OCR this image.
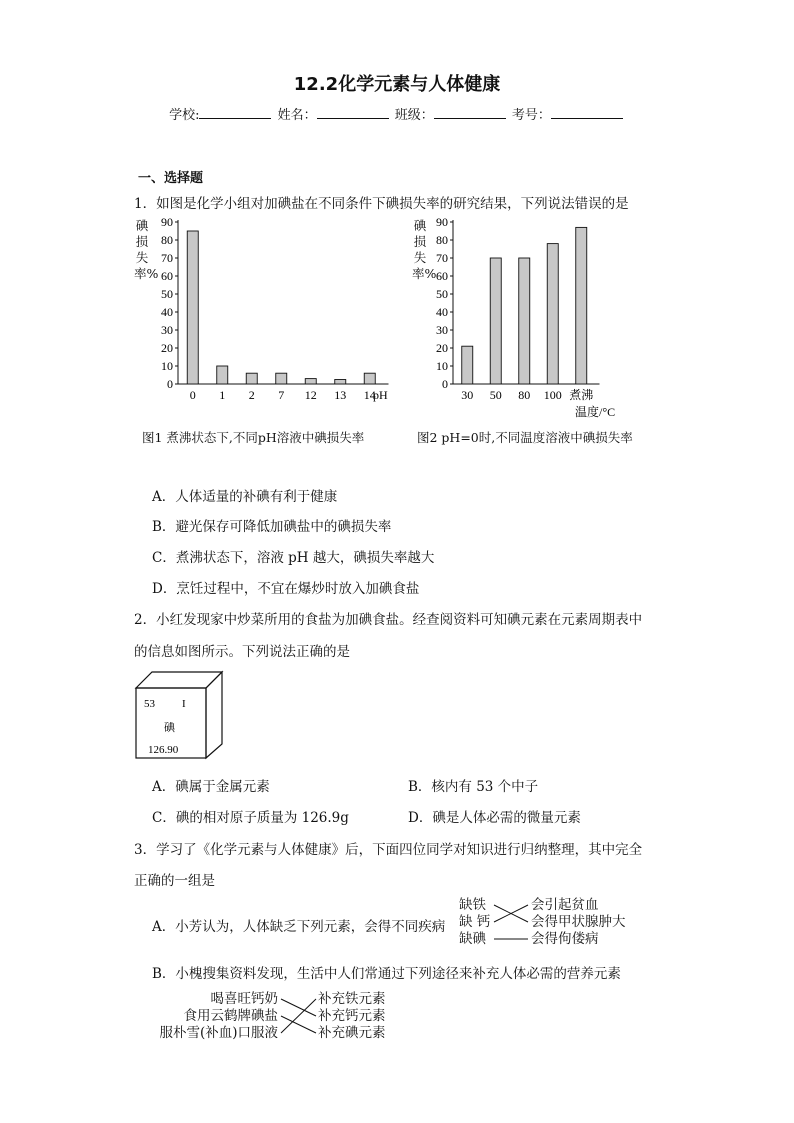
12.2化学元素与人体健康
学校:	姓名：	班级：	考号：
一、选择题
1．如图是化学小组对加碘盐在不同条件下碘损失率的研究结果，下列说法错误的是
碘损失率%
0
10
20
30
40
50
60
70
80
90
0 1 2 7 12 13 14
pH
碘损失率%
0
10
20
30
40
50
60
70
80
90
30 50 80 100 煮沸
温度/°C
图1 煮沸状态下,不同pH溶液中碘损失率	图2 pH=0时,不同温度溶液中碘损失率
A．人体适量的补碘有利于健康
B．避光保存可降低加碘盐中的碘损失率
C．煮沸状态下，溶液 pH 越大，碘损失率越大
D．烹饪过程中，不宜在爆炒时放入加碘食盐
2．小红发现家中炒菜所用的食盐为加碘食盐。经查阅资料可知碘元素在元素周期表中
的信息如图所示。下列说法正确的是
53 I
碘
126.90
A．碘属于金属元素	B．核内有 53 个中子
C．碘的相对原子质量为 126.9g	D．碘是人体必需的微量元素
3．学习了《化学元素与人体健康》后，下面四位同学对知识进行归纳整理，其中完全
正确的一组是
A．小芳认为，人体缺乏下列元素，会得不同疾病
缺铁
缺 钙
缺碘
会引起贫血
会得甲状腺肿大
会得佝偻病
B．小槐搜集资料发现，生活中人们常通过下列途径来补充人体必需的营养元素
喝喜旺钙奶
食用云鹤牌碘盐
服朴雪(补血)口服液
补充铁元素
补充钙元素
补充碘元素
